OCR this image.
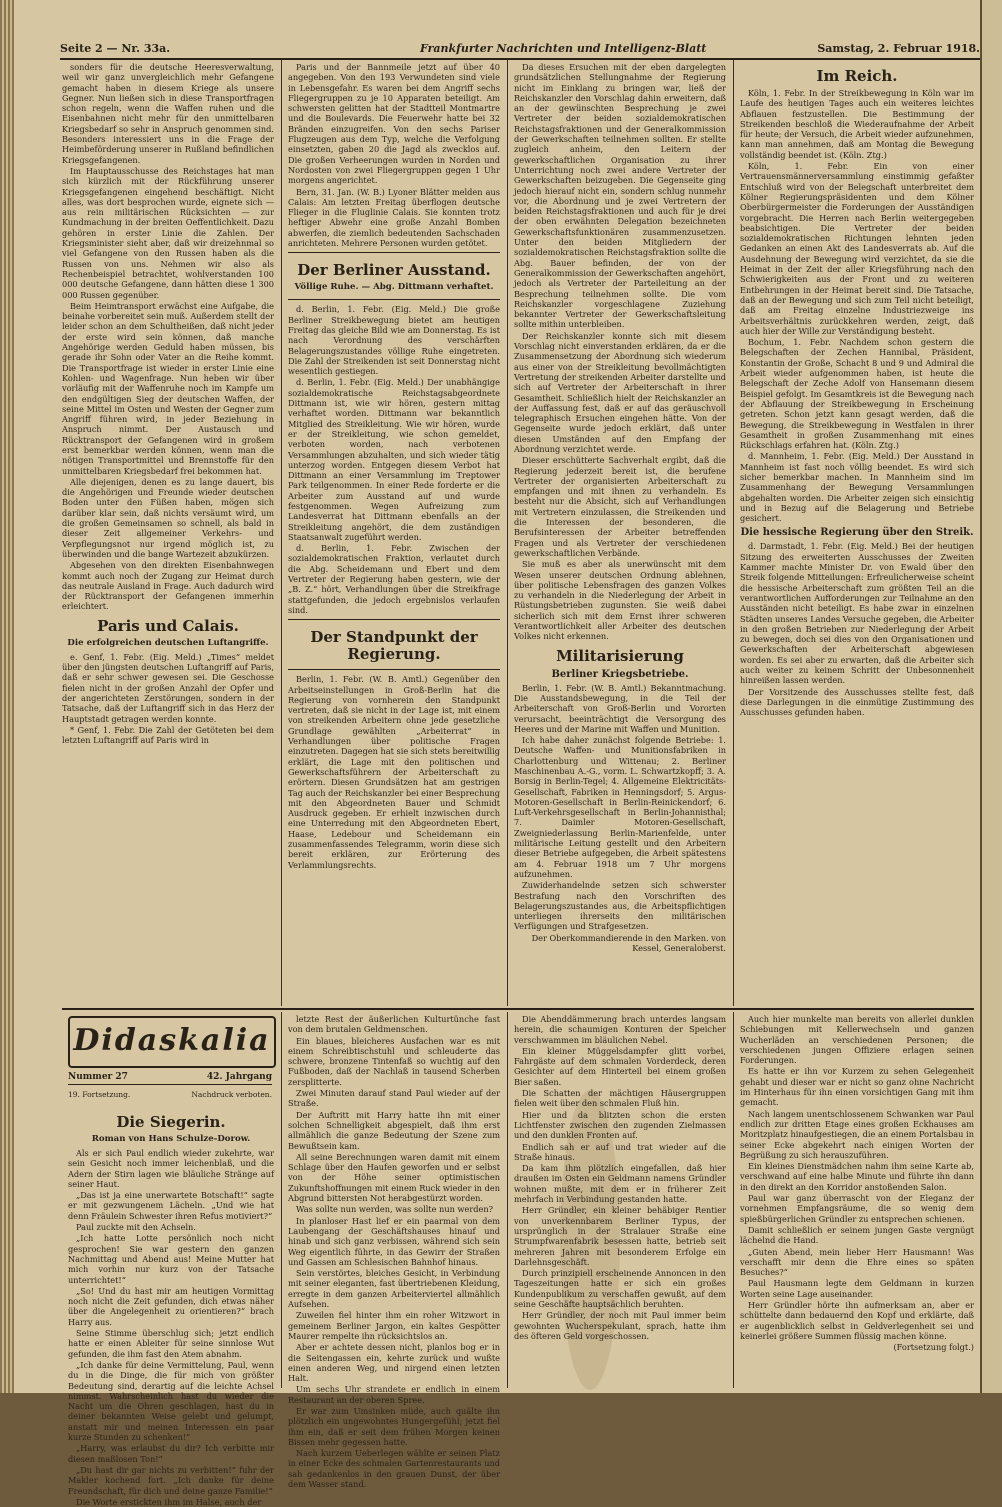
Seite 2 — Nr. 33a.	Frankfurter Nachrichten und Intelligenz-Blatt	Samstag, 2. Februar 1918.

sonders für die deutsche Heeresverwaltung, weil wir ganz unvergleichlich mehr Gefangene gemacht haben in diesem Kriege als unsere Gegner. Nun ließen sich in diese Transportfragen schon regeln, wenn die Waffen ruhen und die Eisenbahnen nicht mehr für den unmittelbaren Kriegsbedarf so sehr in Anspruch genommen sind. Besonders interessiert uns in die Frage der Heimbeförderung unserer in Rußland befindlichen Kriegsgefangenen.

Im Hauptausschusse des Reichstages hat man sich kürzlich mit der Rückführung unserer Kriegsgefangenen eingehend beschäftigt. Nicht alles, was dort besprochen wurde, eignete sich — aus rein militärischen Rücksichten — zur Kundmachung in der breiten Oeffentlichkeit. Dazu gehören in erster Linie die Zahlen. Der Kriegsminister sieht aber, daß wir dreizehnmal so viel Gefangene von den Russen haben als die Russen von uns. Nehmen wir also als Rechenbeispiel betrachtet, wohlverstanden 100 000 deutsche Gefangene, dann hätten diese 1 300 000 Russen gegenüber.

Beim Heimtransport erwächst eine Aufgabe, die beinahe vorbereitet sein muß. Außerdem stellt der leider schon an dem Schultheißen, daß nicht jeder der erste wird sein können, daß manche Angehörige werden Geduld haben müssen, bis gerade ihr Sohn oder Vater an die Reihe kommt. Die Transportfrage ist wieder in erster Linie eine Kohlen- und Wagenfrage. Nun heben wir über vorläufig mit der Waffenruhe noch im Kampfe um den endgültigen Sieg der deutschen Waffen, der seine Mittel im Osten und Westen der Gegner zum Angriff führen wird, in jeder Beziehung in Anspruch nimmt. Der Austausch und Rücktransport der Gefangenen wird in großem erst bemerkbar werden können, wenn man die nötigen Transportmittel und Brennstoffe für den unmittelbaren Kriegsbedarf frei bekommen hat.

Alle diejenigen, denen es zu lange dauert, bis die Angehörigen und Freunde wieder deutschen Boden unter den Füßen haben, mögen sich darüber klar sein, daß nichts versäumt wird, um die großen Gemeinsamen so schnell, als bald in dieser Zeit allgemeiner Verkehrs- und Verpflegungsnot nur irgend möglich ist, zu überwinden und die bange Wartezeit abzukürzen.

Abgesehen von den direkten Eisenbahnwegen kommt auch noch der Zugang zur Heimat durch das neutrale Ausland in Frage. Auch dadurch wird der Rücktransport der Gefangenen immerhin erleichtert.

Paris und Calais.
Die erfolgreichen deutschen Luftangriffe.

e. Genf, 1. Febr. (Eig. Meld.) „Times“ meldet über den jüngsten deutschen Luftangriff auf Paris, daß er sehr schwer gewesen sei. Die Geschosse fielen nicht in der großen Anzahl der Opfer und der angerichteten Zerstörungen, sondern in der Tatsache, daß der Luftangriff sich in das Herz der Hauptstadt getragen werden konnte.

* Genf, 1. Febr. Die Zahl der Getöteten bei dem letzten Luftangriff auf Paris wird in

Paris und der Bannmeile jetzt auf über 40 angegeben. Von den 193 Verwundeten sind viele in Lebensgefahr. Es waren bei dem Angriff sechs Fliegergruppen zu je 10 Apparaten beteiligt. Am schwersten gelitten hat der Stadtteil Montmartre und die Boulevards. Die Feuerwehr hatte bei 32 Bränden einzugreifen. Von den sechs Pariser Flugzeugen aus dem Typ, welche die Verfolgung einsetzten, gaben 20 die Jagd als zwecklos auf. Die großen Verheerungen wurden in Norden und Nordosten von zwei Fliegergruppen gegen 1 Uhr morgens angerichtet.

Bern, 31. Jan. (W. B.) Lyoner Blätter melden aus Calais: Am letzten Freitag überflogen deutsche Flieger in die Fluglinie Calais. Sie konnten trotz heftiger Abwehr eine große Anzahl Bomben abwerfen, die ziemlich bedeutenden Sachschaden anrichteten. Mehrere Personen wurden getötet.

Der Berliner Ausstand.
Völlige Ruhe. — Abg. Dittmann verhaftet.

d. Berlin, 1. Febr. (Eig. Meld.) Die große Berliner Streikbewegung bietet am heutigen Freitag das gleiche Bild wie am Donnerstag. Es ist nach Verordnung des verschärften Belagerungszustandes völlige Ruhe eingetreten. Die Zahl der Streikenden ist seit Donnerstag nicht wesentlich gestiegen.

d. Berlin, 1. Febr. (Eig. Meld.) Der unabhängige sozialdemokratische Reichstagsabgeordnete Dittmann ist, wie wir hören, gestern mittag verhaftet worden. Dittmann war bekanntlich Mitglied des Streikleitung. Wie wir hören, wurde er der Streikleitung, wie schon gemeldet, verboten worden, nach verbotenen Versammlungen abzuhalten, und sich wieder tätig unterzog worden. Entgegen diesem Verbot hat Dittmann an einer Versammlung im Treptower Park teilgenommen. In einer Rede forderte er die Arbeiter zum Ausstand auf und wurde festgenommen. Wegen Aufreizung zum Landesverrat hat Dittmann ebenfalls an der Streikleitung angehört, die dem zuständigen Staatsanwalt zugeführt werden.

d. Berlin, 1. Febr. Zwischen der sozialdemokratischen Fraktion, verlautet durch die Abg. Scheidemann und Ebert und dem Vertreter der Regierung haben gestern, wie der „B. Z.“ hört, Verhandlungen über die Streikfrage stattgefunden, die jedoch ergebnislos verlaufen sind.

Der Standpunkt der Regierung.

Berlin, 1. Febr. (W. B. Amtl.) Gegenüber den Arbeitseinstellungen in Groß-Berlin hat die Regierung von vornherein den Standpunkt vertreten, daß sie nicht in der Lage ist, mit einem von streikenden Arbeitern ohne jede gesetzliche Grundlage gewählten „Arbeiterrat“ in Verhandlungen über politische Fragen einzutreten. Dagegen hat sie sich stets bereitwillig erklärt, die Lage mit den politischen und Gewerkschaftsführern der Arbeiterschaft zu erörtern. Diesen Grundsätzen hat am gestrigen Tag auch der Reichskanzler bei einer Besprechung mit den Abgeordneten Bauer und Schmidt Ausdruck gegeben. Er erhielt inzwischen durch eine Unterredung mit den Abgeordneten Ebert, Haase, Ledebour und Scheidemann ein zusammenfassendes Telegramm, worin diese sich bereit erklären, zur Erörterung des Verlammlungsrechts.

Da dieses Ersuchen mit der eben dargelegten grundsätzlichen Stellungnahme der Regierung nicht im Einklang zu bringen war, ließ der Reichskanzler den Vorschlag dahin erweitern, daß an der gewünschten Besprechung je zwei Vertreter der beiden sozialdemokratischen Reichstagsfraktionen und der Generalkommission der Gewerkschaften teilnehmen sollten. Er stellte zugleich anheim, den Leitern der gewerkschaftlichen Organisation zu ihrer Unterrichtung noch zwei andere Vertreter der Gewerkschaften beizugeben. Die Gegenseite ging jedoch hierauf nicht ein, sondern schlug nunmehr vor, die Abordnung und je zwei Vertretern der beiden Reichstagsfraktionen und auch für je drei der oben erwähnten Delegation bezeichneten Gewerkschaftsfunktionären zusammenzusetzen. Unter den beiden Mitgliedern der sozialdemokratischen Reichstagsfraktion sollte die Abg. Bauer befinden, der von der Generalkommission der Gewerkschaften angehört, jedoch als Vertreter der Parteileitung an der Besprechung teilnehmen sollte. Die vom Reichskanzler vorgeschlagene Zuziehung bekannter Vertreter der Gewerkschaftsleitung sollte mithin unterbleiben.

Der Reichskanzler konnte sich mit diesem Vorschlag nicht einverstanden erklären, da er die Zusammensetzung der Abordnung sich wiederum aus einer von der Streikleitung bevollmächtigten Vertretung der streikenden Arbeiter darstellte und sich auf Vertreter der Arbeiterschaft in ihrer Gesamtheit. Schließlich hielt der Reichskanzler an der Auffassung fest, daß er auf das geräuschvoll telegraphisch Ersuchen eingehen hätte. Von der Gegenseite wurde jedoch erklärt, daß unter diesen Umständen auf den Empfang der Abordnung verzichtet werde.

Dieser erschütterte Sachverhalt ergibt, daß die Regierung jederzeit bereit ist, die berufene Vertreter der organisierten Arbeiterschaft zu empfangen und mit ihnen zu verhandeln. Es besteht nur die Absicht, sich auf Verhandlungen mit Vertretern einzulassen, die Streikenden und die Interessen der besonderen, die Berufsinteressen der Arbeiter betreffenden Fragen und als Vertreter der verschiedenen gewerkschaftlichen Verbände.

Sie muß es aber als unerwünscht mit dem Wesen unserer deutschen Ordnung ablehnen, über politische Lebensfragen des ganzen Volkes zu verhandeln in die Niederlegung der Arbeit in Rüstungsbetrieben zugunsten. Sie weiß dabei sicherlich sich mit dem Ernst ihrer schweren Verantwortlichkeit aller Arbeiter des deutschen Volkes nicht erkennen.

Militarisierung
Berliner Kriegsbetriebe.

Berlin, 1. Febr. (W. B. Amtl.) Bekanntmachung. Die Ausstandsbewegung, in die Teil der Arbeiterschaft von Groß-Berlin und Vororten verursacht, beeinträchtigt die Versorgung des Heeres und der Marine mit Waffen und Munition.

Ich habe daher zunächst folgende Betriebe: 1. Deutsche Waffen- und Munitionsfabriken in Charlottenburg und Wittenau; 2. Berliner Maschinenbau A.-G., vorm. L. Schwartzkopff; 3. A. Borsig in Berlin-Tegel; 4. Allgemeine Elektricitäts-Gesellschaft, Fabriken in Henningsdorf; 5. Argus-Motoren-Gesellschaft in Berlin-Reinickendorf; 6. Luft-Verkehrsgesellschaft in Berlin-Johannisthal; 7. Daimler Motoren-Gesellschaft, Zweigniederlassung Berlin-Marienfelde, unter militärische Leitung gestellt und den Arbeitern dieser Betriebe aufgegeben, die Arbeit spätestens am 4. Februar 1918 um 7 Uhr morgens aufzunehmen.

Zuwiderhandelnde setzen sich schwerster Bestrafung nach den Vorschriften des Belagerungszustandes aus, die Arbeitspflichtigen unterliegen ihrerseits den militärischen Verfügungen und Strafgesetzen.

Der Oberkommandierende in den Marken. von Kessel, Generaloberst.

Im Reich.

Köln, 1. Febr. In der Streikbewegung in Köln war im Laufe des heutigen Tages auch ein weiteres leichtes Abflauen festzustellen. Die Bestimmung der Streikenden beschloß die Wiederaufnahme der Arbeit für heute; der Versuch, die Arbeit wieder aufzunehmen, kann man annehmen, daß am Montag die Bewegung vollständig beendet ist. (Köln. Ztg.)

Köln, 1. Febr. Ein von einer Vertrauensmännerversammlung einstimmig gefaßter Entschluß wird von der Belegschaft unterbreitet dem Kölner Regierungspräsidenten und dem Kölner Oberbürgermeister die Forderungen der Ausständigen vorgebracht. Die Herren nach Berlin weitergegeben beabsichtigen. Die Vertreter der beiden sozialdemokratischen Richtungen lehnten jeden Gedanken an einen Akt des Landesverrats ab. Auf die Ausdehnung der Bewegung wird verzichtet, da sie die Heimat in der Zeit der aller Kriegsführung nach den Schwierigkeiten aus der Front und zu weiteren Entbehrungen in der Heimat bereit sind. Die Tatsache, daß an der Bewegung und sich zum Teil nicht beteiligt, daß am Freitag einzelne Industriezweige ins Arbeitsverhältnis zurückkehren werden, zeigt, daß auch hier der Wille zur Verständigung besteht.

Bochum, 1. Febr. Nachdem schon gestern die Belegschaften der Zechen Hannibal, Präsident, Konstantin der Große, Schacht 8 und 9 und Admiral die Arbeit wieder aufgenommen haben, ist heute die Belegschaft der Zeche Adolf von Hansemann diesem Beispiel gefolgt. Im Gesamtkreis ist die Bewegung nach der Abflauung der Streikbewegung in Erscheinung getreten. Schon jetzt kann gesagt werden, daß die Bewegung, die Streikbewegung in Westfalen in ihrer Gesamtheit in großen Zusammenhang mit eines Rückschlags erfahren hat. (Köln. Ztg.)

d. Mannheim, 1. Febr. (Eig. Meld.) Der Ausstand in Mannheim ist fast noch völlig beendet. Es wird sich sicher bemerkbar machen. In Mannheim sind im Zusammenhang der Bewegung Versammlungen abgehalten worden. Die Arbeiter zeigen sich einsichtig und in Bezug auf die Belagerung und Betriebe gesichert.

Die hessische Regierung über den Streik.

d. Darmstadt, 1. Febr. (Eig. Meld.) Bei der heutigen Sitzung des erweiterten Ausschusses der Zweiten Kammer machte Minister Dr. von Ewald über den Streik folgende Mitteilungen: Erfreulicherweise scheint die hessische Arbeiterschaft zum größten Teil an die verantwortlichen Aufforderungen zur Teilnahme an den Ausständen nicht beteiligt. Es habe zwar in einzelnen Städten unseres Landes Versuche gegeben, die Arbeiter in den großen Betrieben zur Niederlegung der Arbeit zu bewegen, doch sei dies von den Organisationen und Gewerkschaften der Arbeiterschaft abgewiesen worden. Es sei aber zu erwarten, daß die Arbeiter sich auch weiter zu keinem Schritt der Unbesonnenheit hinreißen lassen werden.

Der Vorsitzende des Ausschusses stellte fest, daß diese Darlegungen in die einmütige Zustimmung des Ausschusses gefunden haben.

Didaskalia
Nummer 27	42. Jahrgang
19. Fortsetzung.	Nachdruck verboten.
Die Siegerin.
Roman von Hans Schulze-Dorow.

Als er sich Paul endlich wieder zukehrte, war sein Gesicht noch immer leichenblaß, und die Adern der Stirn lagen wie bläuliche Stränge auf seiner Haut.

„Das ist ja eine unerwartete Botschaft!“ sagte er mit gezwungenem Lächeln. „Und wie hat denn Fräulein Schwester ihren Refus motiviert?“

Paul zuckte mit den Achseln.

„Ich hatte Lotte persönlich noch nicht gesprochen! Sie war gestern den ganzen Nachmittag und Abend aus! Meine Mutter hat mich vorhin nur kurz von der Tatsache unterrichtet!“

„So! Und du hast mir am heutigen Vormittag noch nicht die Zeit gefunden, dich etwas näher über die Angelegenheit zu orientieren?“ brach Harry aus.

Seine Stimme überschlug sich; jetzt endlich hatte er einen Ableiter für seine sinnlose Wut gefunden, die ihm fast den Atem abnahm.

„Ich danke für deine Vermittelung, Paul, wenn du in die Dinge, die für mich von größter Bedeutung sind, derartig auf die leichte Achsel nimmst. Wahrscheinlich hast du wieder die Nacht um die Ohren geschlagen, hast du in deiner bekannten Weise gelebt und gelumpt, anstatt mir und meinen Interessen ein paar kurze Stunden zu schenken!“

„Harry, was erlaubst du dir? Ich verbitte mir diesen maßlosen Ton!“

„Du hast dir gar nichts zu verbitten!“ fuhr der Makler kochend fort. „Ich danke für deine Freundschaft, für dich und deine ganze Familie!“

Die Worte erstickten ihm im Halse, auch der

letzte Rest der äußerlichen Kulturtünche fast von dem brutalen Geldmenschen.

Ein blaues, bleicheres Ausfachen war es mit einem Schreibtischstuhl und schleuderte das schwere, bronzene Tintenfaß so wuchtig auf den Fußboden, daß der Nachlaß in tausend Scherben zersplitterte.

Zwei Minuten darauf stand Paul wieder auf der Straße.

Der Auftritt mit Harry hatte ihn mit einer solchen Schnelligkeit abgespielt, daß ihm erst allmählich die ganze Bedeutung der Szene zum Bewußtsein kam.

All seine Berechnungen waren damit mit einem Schlage über den Haufen geworfen und er selbst von der Höhe seiner optimistischen Zukunftshoffnungen mit einem Ruck wieder in den Abgrund bittersten Not herabgestürzt worden.

Was sollte nun werden, was sollte nun werden?

In planloser Hast lief er ein paarmal von dem Laubengang der Geschäftshauses hinauf und hinab und sich ganz verbissen, während sich sein Weg eigentlich führte, in das Gewirr der Straßen und Gassen am Schlesischen Bahnhof hinaus.

Sein verstörtes, bleiches Gesicht, in Verbindung mit seiner eleganten, fast übertriebenen Kleidung, erregte in dem ganzen Arbeiterviertel allmählich Aufsehen.

Zuweilen fiel hinter ihm ein roher Witzwort in gemeinem Berliner Jargon, ein kaltes Gespötter Maurer rempelte ihn rücksichtslos an.

Aber er achtete dessen nicht, planlos bog er in die Seitengassen ein, kehrte zurück und wußte einen anderen Weg, und nirgend einen letzten Halt.

Um sechs Uhr strandete er endlich in einem Restaurant an der oberen Spree.

Er war zum Umsinken müde, auch quälte ihn plötzlich ein ungewohntes Hungergefühl; jetzt fiel ihm ein, daß er seit dem frühen Morgen keinen Bissen mehr gegessen hatte.

Nach kurzem Ueberlegen wählte er seinen Platz in einer Ecke des schmalen Gartenrestaurants und sah gedankenlos in den grauen Dunst, der über dem Wasser stand.

Die Abenddämmerung brach unterdes langsam herein, die schaumigen Konturen der Speicher verschwammen im bläulichen Nebel.

Ein kleiner Müggelsdampfer glitt vorbei, Fahrgäste auf dem schmalen Vorderdeck, deren Gesichter auf dem Hinterteil bei einem großen Bier saßen.

Die Schatten der mächtigen Häusergruppen fielen weit über den schmalen Fluß hin.

Hier und da blitzten schon die ersten Lichtfenster zwischen den zugenden Zielmassen und den dunklen Fronten auf.

Endlich sah er auf und trat wieder auf die Straße hinaus.

Da kam ihm plötzlich eingefallen, daß hier draußen im Osten ein Geldmann namens Gründler wohnen mußte, mit dem er in früherer Zeit mehrfach in Verbindung gestanden hatte.

Herr Gründler, ein kleiner behäbiger Rentier von unverkennbarem Berliner Typus, der ursprünglich in der Stralauer Straße eine Strumpfwarenfabrik besessen hatte, betrieb seit mehreren Jahren mit besonderem Erfolge ein Darlehnsgeschäft.

Durch prinzipiell erscheinende Annoncen in den Tageszeitungen hatte er sich ein großes Kundenpublikum zu verschaffen gewußt, auf dem seine Geschäfte hauptsächlich beruhten.

Herr Gründler, der noch mit Paul immer beim gewohnten Wucherspekulant, sprach, hatte ihm des öfteren Geld vorgeschossen.

Auch hier munkelte man bereits von allerlei dunklen Schiebungen mit Kellerwechseln und ganzen Wucherläden an verschiedenen Personen; die verschiedenen jungen Offiziere erlagen seinen Forderungen.

Es hatte er ihn vor Kurzem zu sehen Gelegenheit gehabt und dieser war er nicht so ganz ohne Nachricht im Hinterhaus für ihn einen vorsichtigen Gang mit ihm gemacht.

Nach langem unentschlossenem Schwanken war Paul endlich zur dritten Etage eines großen Eckhauses am Moritzplatz hinaufgestiegen, die an einem Portalsbau in seiner Ecke abgekehrt nach einigen Worten der Begrüßung zu sich herauszuführen.

Ein kleines Dienstmädchen nahm ihm seine Karte ab, verschwand auf eine halbe Minute und führte ihn dann in den direkt an den Korridor anstoßenden Salon.

Paul war ganz überrascht von der Eleganz der vornehmen Empfangsräume, die so wenig dem spießbürgerlichen Gründler zu entsprechen schienen.

Damit schließlich er seinem jungen Gaste vergnügt lächelnd die Hand.

„Guten Abend, mein lieber Herr Hausmann! Was verschafft mir denn die Ehre eines so späten Besuches?“

Paul Hausmann legte dem Geldmann in kurzen Worten seine Lage auseinander.

Herr Gründler hörte ihn aufmerksam an, aber er schüttelte dann bedauernd den Kopf und erklärte, daß er augenblicklich selbst in Geldverlegenheit sei und keinerlei größere Summen flüssig machen könne.

(Fortsetzung folgt.)
